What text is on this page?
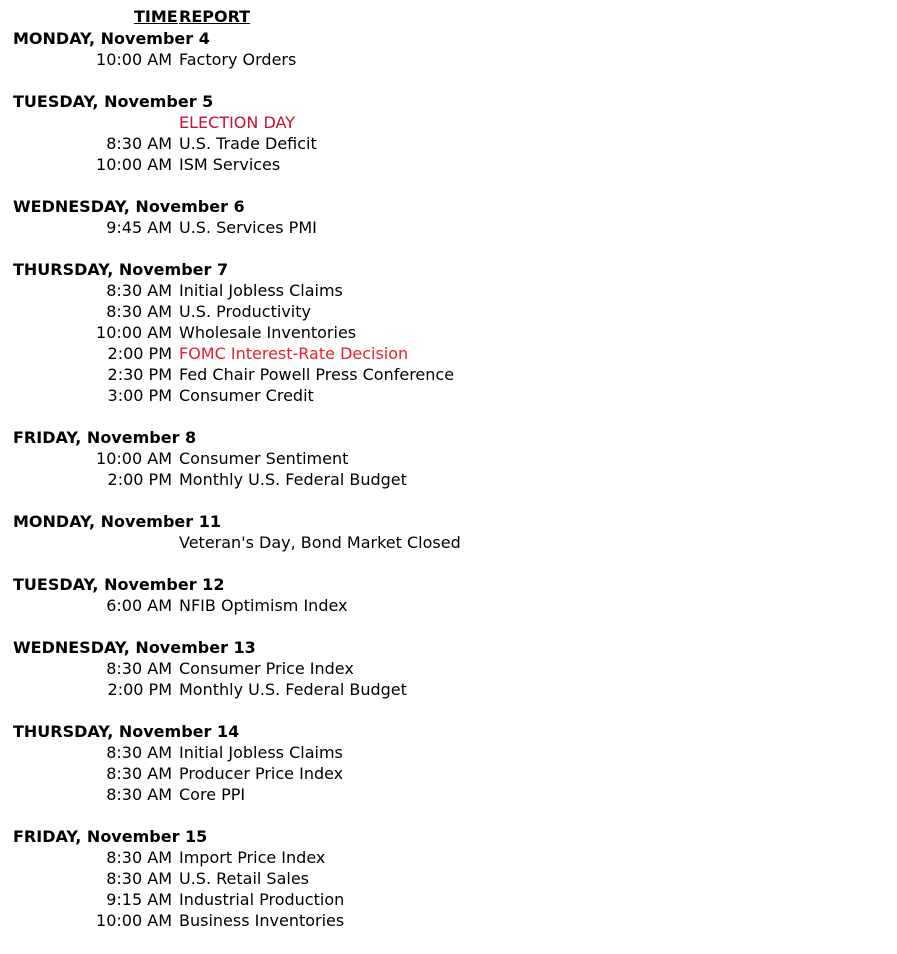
TIME REPORT
MONDAY, November 4
10:00 AM Factory Orders
TUESDAY, November 5
ELECTION DAY
8:30 AM U.S. Trade Deficit
10:00 AM ISM Services
WEDNESDAY, November 6
9:45 AM U.S. Services PMI
THURSDAY, November 7
8:30 AM Initial Jobless Claims
8:30 AM U.S. Productivity
10:00 AM Wholesale Inventories
2:00 PM FOMC Interest-Rate Decision
2:30 PM Fed Chair Powell Press Conference
3:00 PM Consumer Credit
FRIDAY, November 8
10:00 AM Consumer Sentiment
2:00 PM Monthly U.S. Federal Budget
MONDAY, November 11
Veteran's Day, Bond Market Closed
TUESDAY, November 12
6:00 AM NFIB Optimism Index
WEDNESDAY, November 13
8:30 AM Consumer Price Index
2:00 PM Monthly U.S. Federal Budget
THURSDAY, November 14
8:30 AM Initial Jobless Claims
8:30 AM Producer Price Index
8:30 AM Core PPI
FRIDAY, November 15
8:30 AM Import Price Index
8:30 AM U.S. Retail Sales
9:15 AM Industrial Production
10:00 AM Business Inventories
